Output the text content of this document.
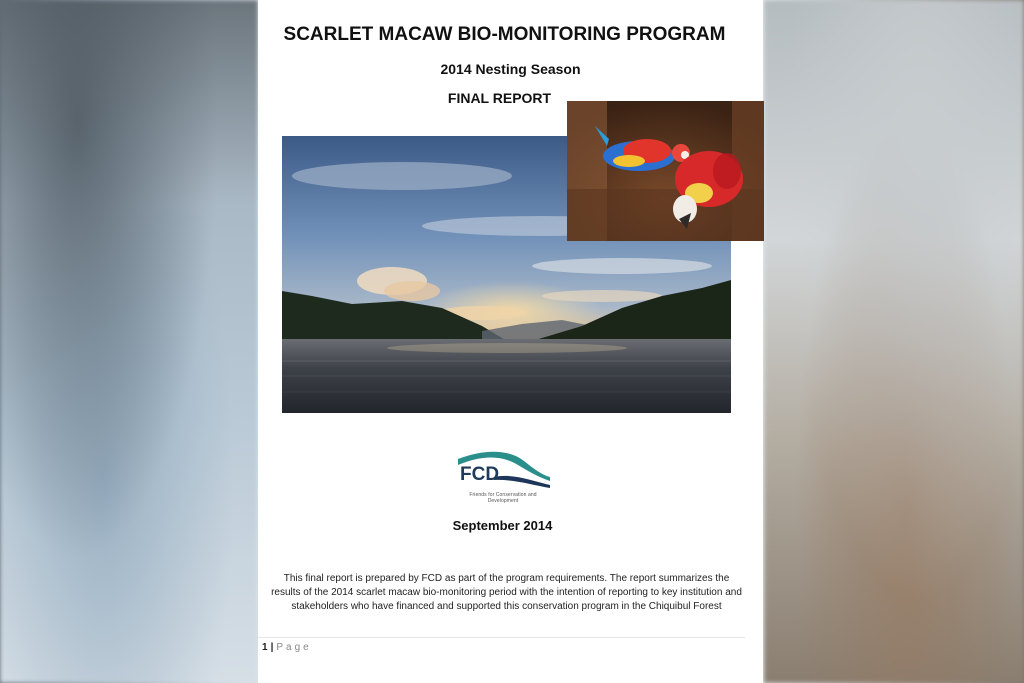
SCARLET MACAW BIO-MONITORING PROGRAM
2014 Nesting Season
FINAL REPORT
FCD
Friends for Conservation and Development
September 2014
This final report is prepared by FCD as part of the program requirements. The report summarizes the results of the 2014 scarlet macaw bio-monitoring period with the intention of reporting to key institution and stakeholders who have financed and supported this conservation program in the Chiquibul Forest
1 | Page
